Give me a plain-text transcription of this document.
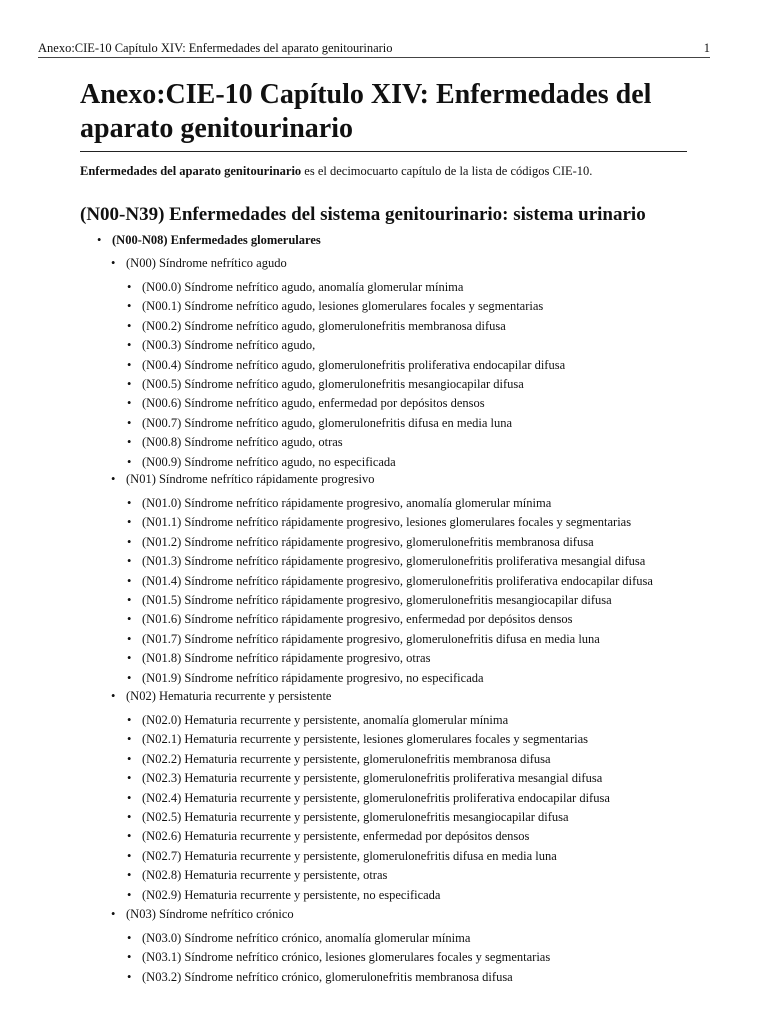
Anexo:CIE-10 Capítulo XIV: Enfermedades del aparato genitourinario	1
Anexo:CIE-10 Capítulo XIV: Enfermedades del
aparato genitourinario

Enfermedades del aparato genitourinario es el decimocuarto capítulo de la lista de códigos CIE-10.

(N00-N39) Enfermedades del sistema genitourinario: sistema urinario
• (N00-N08) Enfermedades glomerulares
• (N00) Síndrome nefrítico agudo
• (N00.0) Síndrome nefrítico agudo, anomalía glomerular mínima
• (N00.1) Síndrome nefrítico agudo, lesiones glomerulares focales y segmentarias
• (N00.2) Síndrome nefrítico agudo, glomerulonefritis membranosa difusa
• (N00.3) Síndrome nefrítico agudo,
• (N00.4) Síndrome nefrítico agudo, glomerulonefritis proliferativa endocapilar difusa
• (N00.5) Síndrome nefrítico agudo, glomerulonefritis mesangiocapilar difusa
• (N00.6) Síndrome nefrítico agudo, enfermedad por depósitos densos
• (N00.7) Síndrome nefrítico agudo, glomerulonefritis difusa en media luna
• (N00.8) Síndrome nefrítico agudo, otras
• (N00.9) Síndrome nefrítico agudo, no especificada
• (N01) Síndrome nefrítico rápidamente progresivo
• (N01.0) Síndrome nefrítico rápidamente progresivo, anomalía glomerular mínima
• (N01.1) Síndrome nefrítico rápidamente progresivo, lesiones glomerulares focales y segmentarias
• (N01.2) Síndrome nefrítico rápidamente progresivo, glomerulonefritis membranosa difusa
• (N01.3) Síndrome nefrítico rápidamente progresivo, glomerulonefritis proliferativa mesangial difusa
• (N01.4) Síndrome nefrítico rápidamente progresivo, glomerulonefritis proliferativa endocapilar difusa
• (N01.5) Síndrome nefrítico rápidamente progresivo, glomerulonefritis mesangiocapilar difusa
• (N01.6) Síndrome nefrítico rápidamente progresivo, enfermedad por depósitos densos
• (N01.7) Síndrome nefrítico rápidamente progresivo, glomerulonefritis difusa en media luna
• (N01.8) Síndrome nefrítico rápidamente progresivo, otras
• (N01.9) Síndrome nefrítico rápidamente progresivo, no especificada
• (N02) Hematuria recurrente y persistente
• (N02.0) Hematuria recurrente y persistente, anomalía glomerular mínima
• (N02.1) Hematuria recurrente y persistente, lesiones glomerulares focales y segmentarias
• (N02.2) Hematuria recurrente y persistente, glomerulonefritis membranosa difusa
• (N02.3) Hematuria recurrente y persistente, glomerulonefritis proliferativa mesangial difusa
• (N02.4) Hematuria recurrente y persistente, glomerulonefritis proliferativa endocapilar difusa
• (N02.5) Hematuria recurrente y persistente, glomerulonefritis mesangiocapilar difusa
• (N02.6) Hematuria recurrente y persistente, enfermedad por depósitos densos
• (N02.7) Hematuria recurrente y persistente, glomerulonefritis difusa en media luna
• (N02.8) Hematuria recurrente y persistente, otras
• (N02.9) Hematuria recurrente y persistente, no especificada
• (N03) Síndrome nefrítico crónico
• (N03.0) Síndrome nefrítico crónico, anomalía glomerular mínima
• (N03.1) Síndrome nefrítico crónico, lesiones glomerulares focales y segmentarias
• (N03.2) Síndrome nefrítico crónico, glomerulonefritis membranosa difusa
